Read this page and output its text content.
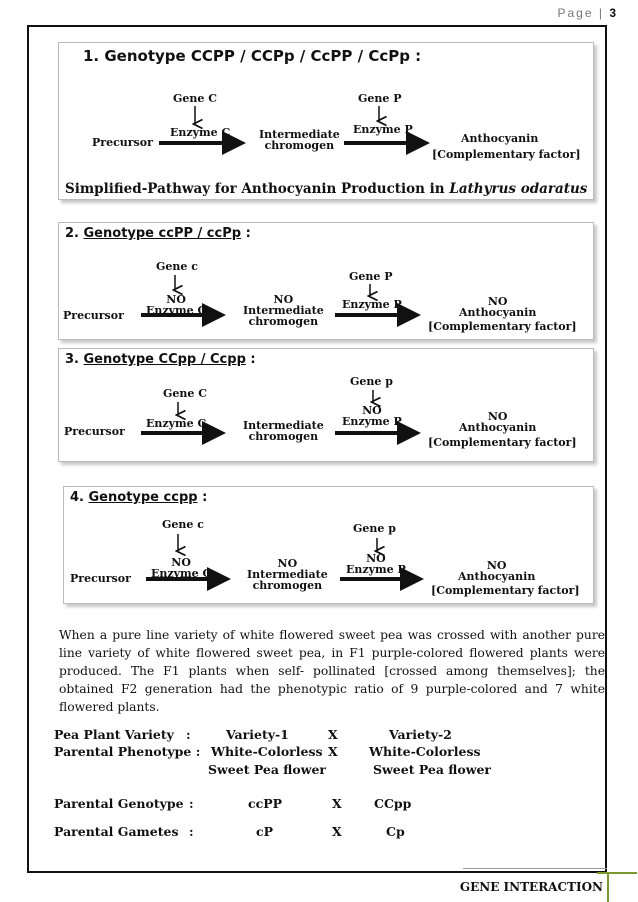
Page | 3
1. Genotype CCPP / CCPp / CcPP / CcPp :
Gene C
Enzyme C
Gene P
Enzyme P
Precursor
Intermediate
chromogen
Anthocyanin
[Complementary factor]
Simplified-Pathway for Anthocyanin Production in Lathyrus odaratus
2. Genotype ccPP / ccPp :
Gene c
NO
Enzyme C
Gene P
Enzyme P
Precursor
NO
Intermediate
chromogen
NO
Anthocyanin
[Complementary factor]
3. Genotype CCpp / Ccpp :
Gene C
Enzyme C
Gene p
NO
Enzyme P
Precursor	Intermediate
chromogen
NO
Anthocyanin
[Complementary factor]
4. Genotype ccpp :
Gene c
NO
Enzyme C
Gene p
NO
Enzyme P
Precursor
NO
Intermediate
chromogen
NO
Anthocyanin
[Complementary factor]
When a pure line variety of white flowered sweet pea was crossed with another pure line variety of white flowered sweet pea, in F1 purple-colored flowered plants were produced. The F1 plants when self- pollinated [crossed among themselves]; the obtained F2 generation had the phenotypic ratio of 9 purple-colored and 7 white flowered plants.
Pea Plant Variety :	Variety-1	X	Variety-2
Parental Phenotype : White-Colorless X	White-Colorless
Sweet Pea flower	Sweet Pea flower
Parental Genotype :	ccPP	X	CCpp
Parental Gametes :	cP	X	Cp
GENE INTERACTION
